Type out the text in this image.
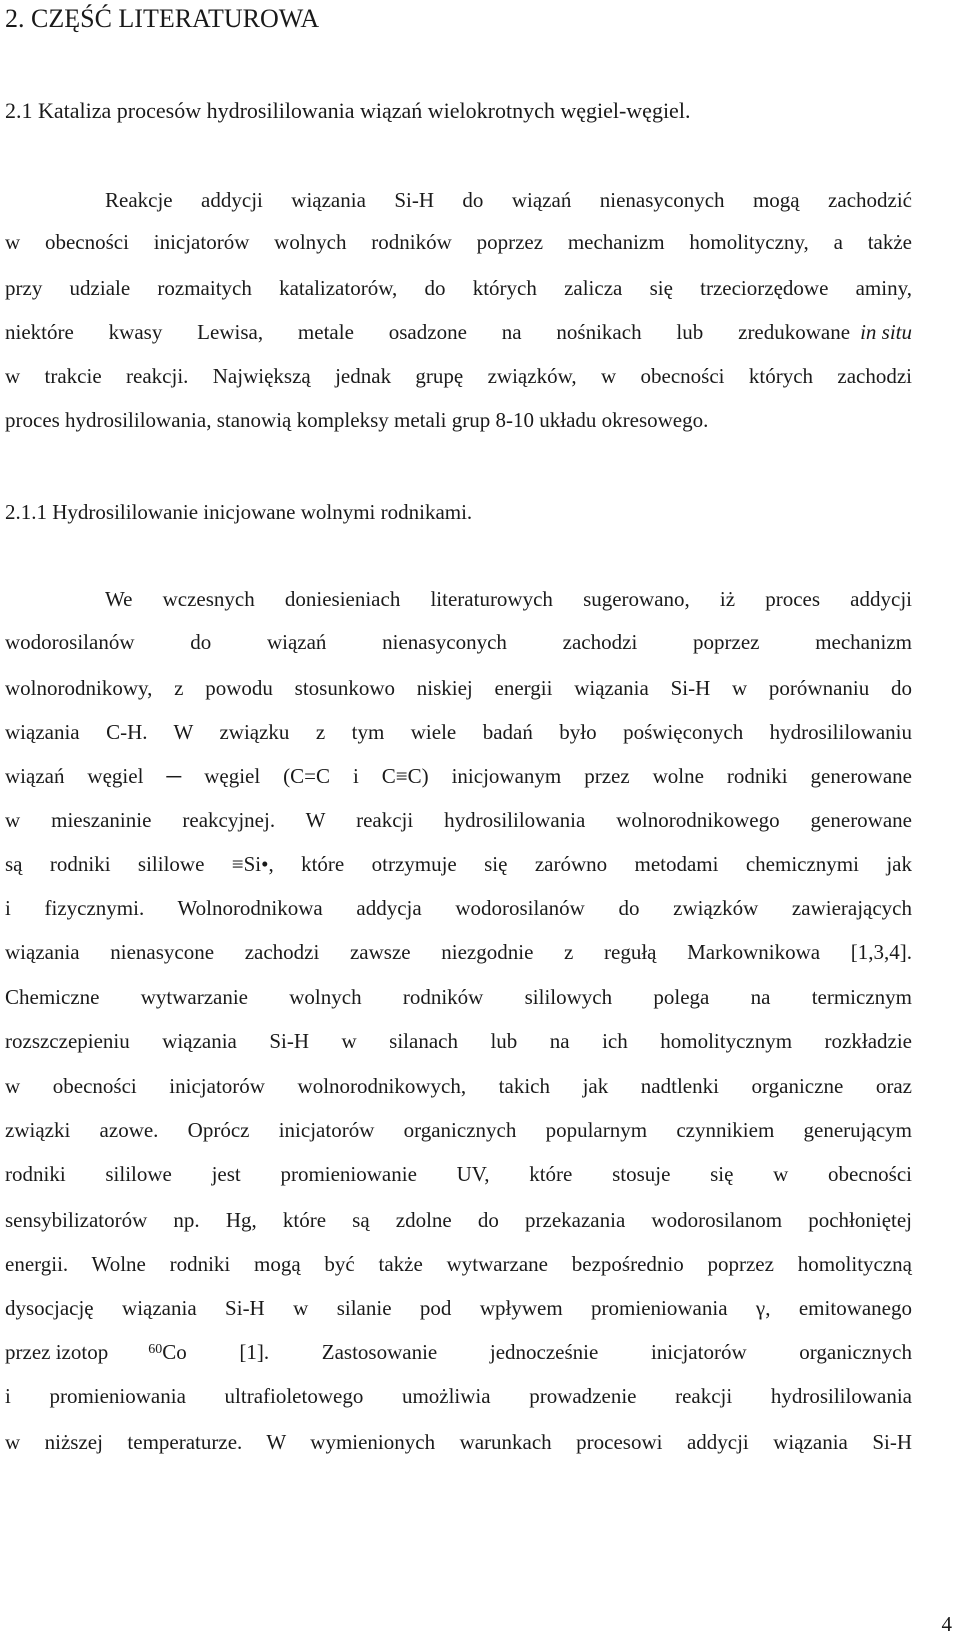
2. CZĘŚĆ LITERATUROWA
2.1 Kataliza procesów hydrosililowania wiązań wielokrotnych węgiel-węgiel.
Reakcje addycji wiązania Si-H do wiązań nienasyconych mogą zachodzić
w obecności inicjatorów wolnych rodników poprzez mechanizm homolityczny, a także
przy udziale rozmaitych katalizatorów, do których zalicza się trzeciorzędowe aminy,
niektóre kwasy Lewisa, metale osadzone na nośnikach lub zredukowane in situ
w trakcie reakcji. Największą jednak grupę związków, w obecności których zachodzi
proces hydrosililowania, stanowią kompleksy metali grup 8-10 układu okresowego.
2.1.1 Hydrosililowanie inicjowane wolnymi rodnikami.
We wczesnych doniesieniach literaturowych sugerowano, iż proces addycji
wodorosilanów do wiązań nienasyconych zachodzi poprzez mechanizm
wolnorodnikowy, z powodu stosunkowo niskiej energii wiązania Si-H w porównaniu do
wiązania C-H. W związku z tym wiele badań było poświęconych hydrosililowaniu
wiązań węgiel ─ węgiel (C=C i C≡C) inicjowanym przez wolne rodniki generowane
w mieszaninie reakcyjnej. W reakcji hydrosililowania wolnorodnikowego generowane
są rodniki sililowe ≡Si•, które otrzymuje się zarówno metodami chemicznymi jak
i fizycznymi. Wolnorodnikowa addycja wodorosilanów do związków zawierających
wiązania nienasycone zachodzi zawsze niezgodnie z regułą Markownikowa [1,3,4].
Chemiczne wytwarzanie wolnych rodników sililowych polega na termicznym
rozszczepieniu wiązania Si-H w silanach lub na ich homolitycznym rozkładzie
w obecności inicjatorów wolnorodnikowych, takich jak nadtlenki organiczne oraz
związki azowe. Oprócz inicjatorów organicznych popularnym czynnikiem generującym
rodniki sililowe jest promieniowanie UV, które stosuje się w obecności
sensybilizatorów np. Hg, które są zdolne do przekazania wodorosilanom pochłoniętej
energii. Wolne rodniki mogą być także wytwarzane bezpośrednio poprzez homolityczną
dysocjację wiązania Si-H w silanie pod wpływem promieniowania γ, emitowanego
przez izotop	$^{60}$ Co [1]. Zastosowanie jednocześnie inicjatorów organicznych
i promieniowania ultrafioletowego umożliwia prowadzenie reakcji hydrosililowania
w niższej temperaturze. W wymienionych warunkach procesowi addycji wiązania Si-H
4
